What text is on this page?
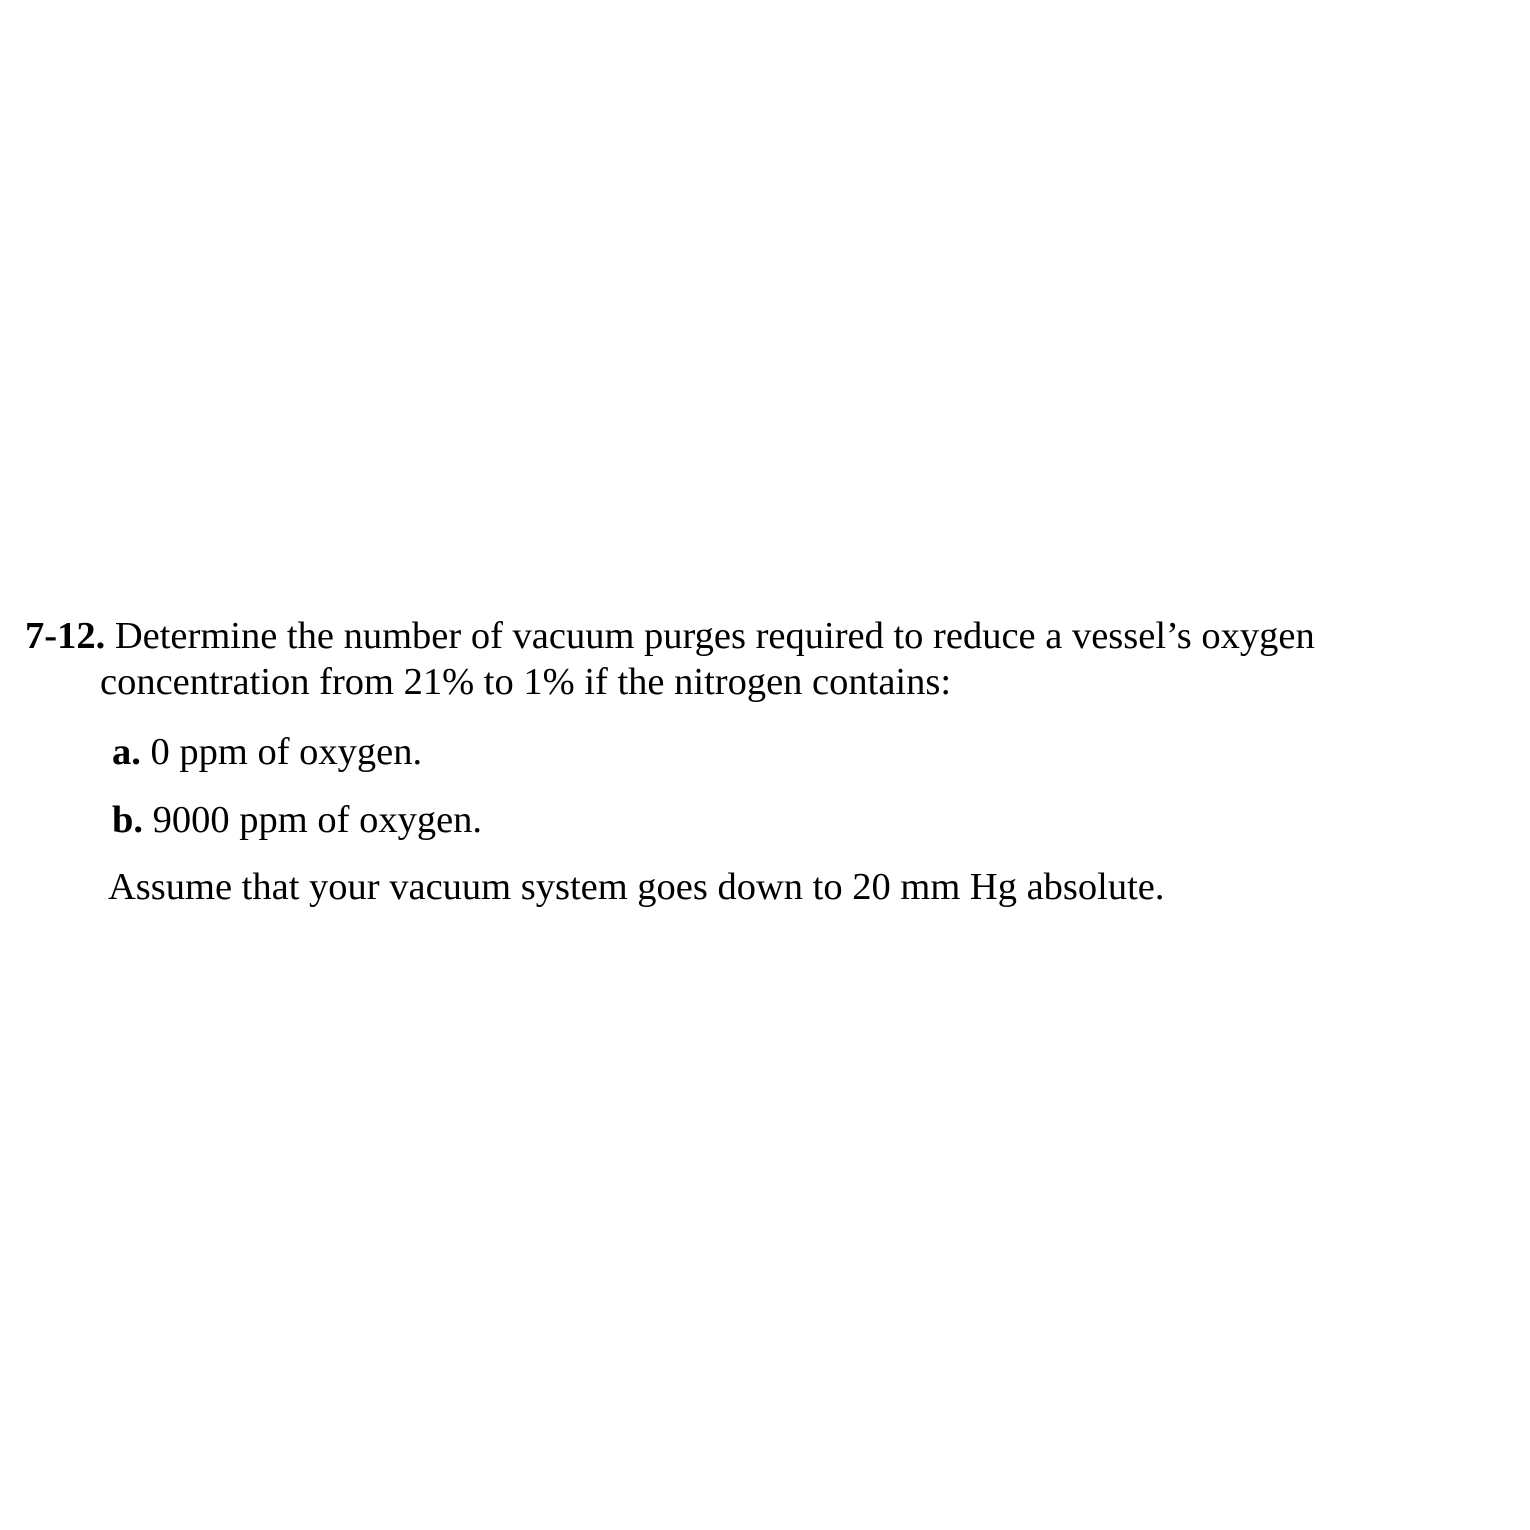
7-12. Determine the number of vacuum purges required to reduce a vessel’s oxygen
concentration from 21% to 1% if the nitrogen contains:
a. 0 ppm of oxygen.
b. 9000 ppm of oxygen.
Assume that your vacuum system goes down to 20 mm Hg absolute.
